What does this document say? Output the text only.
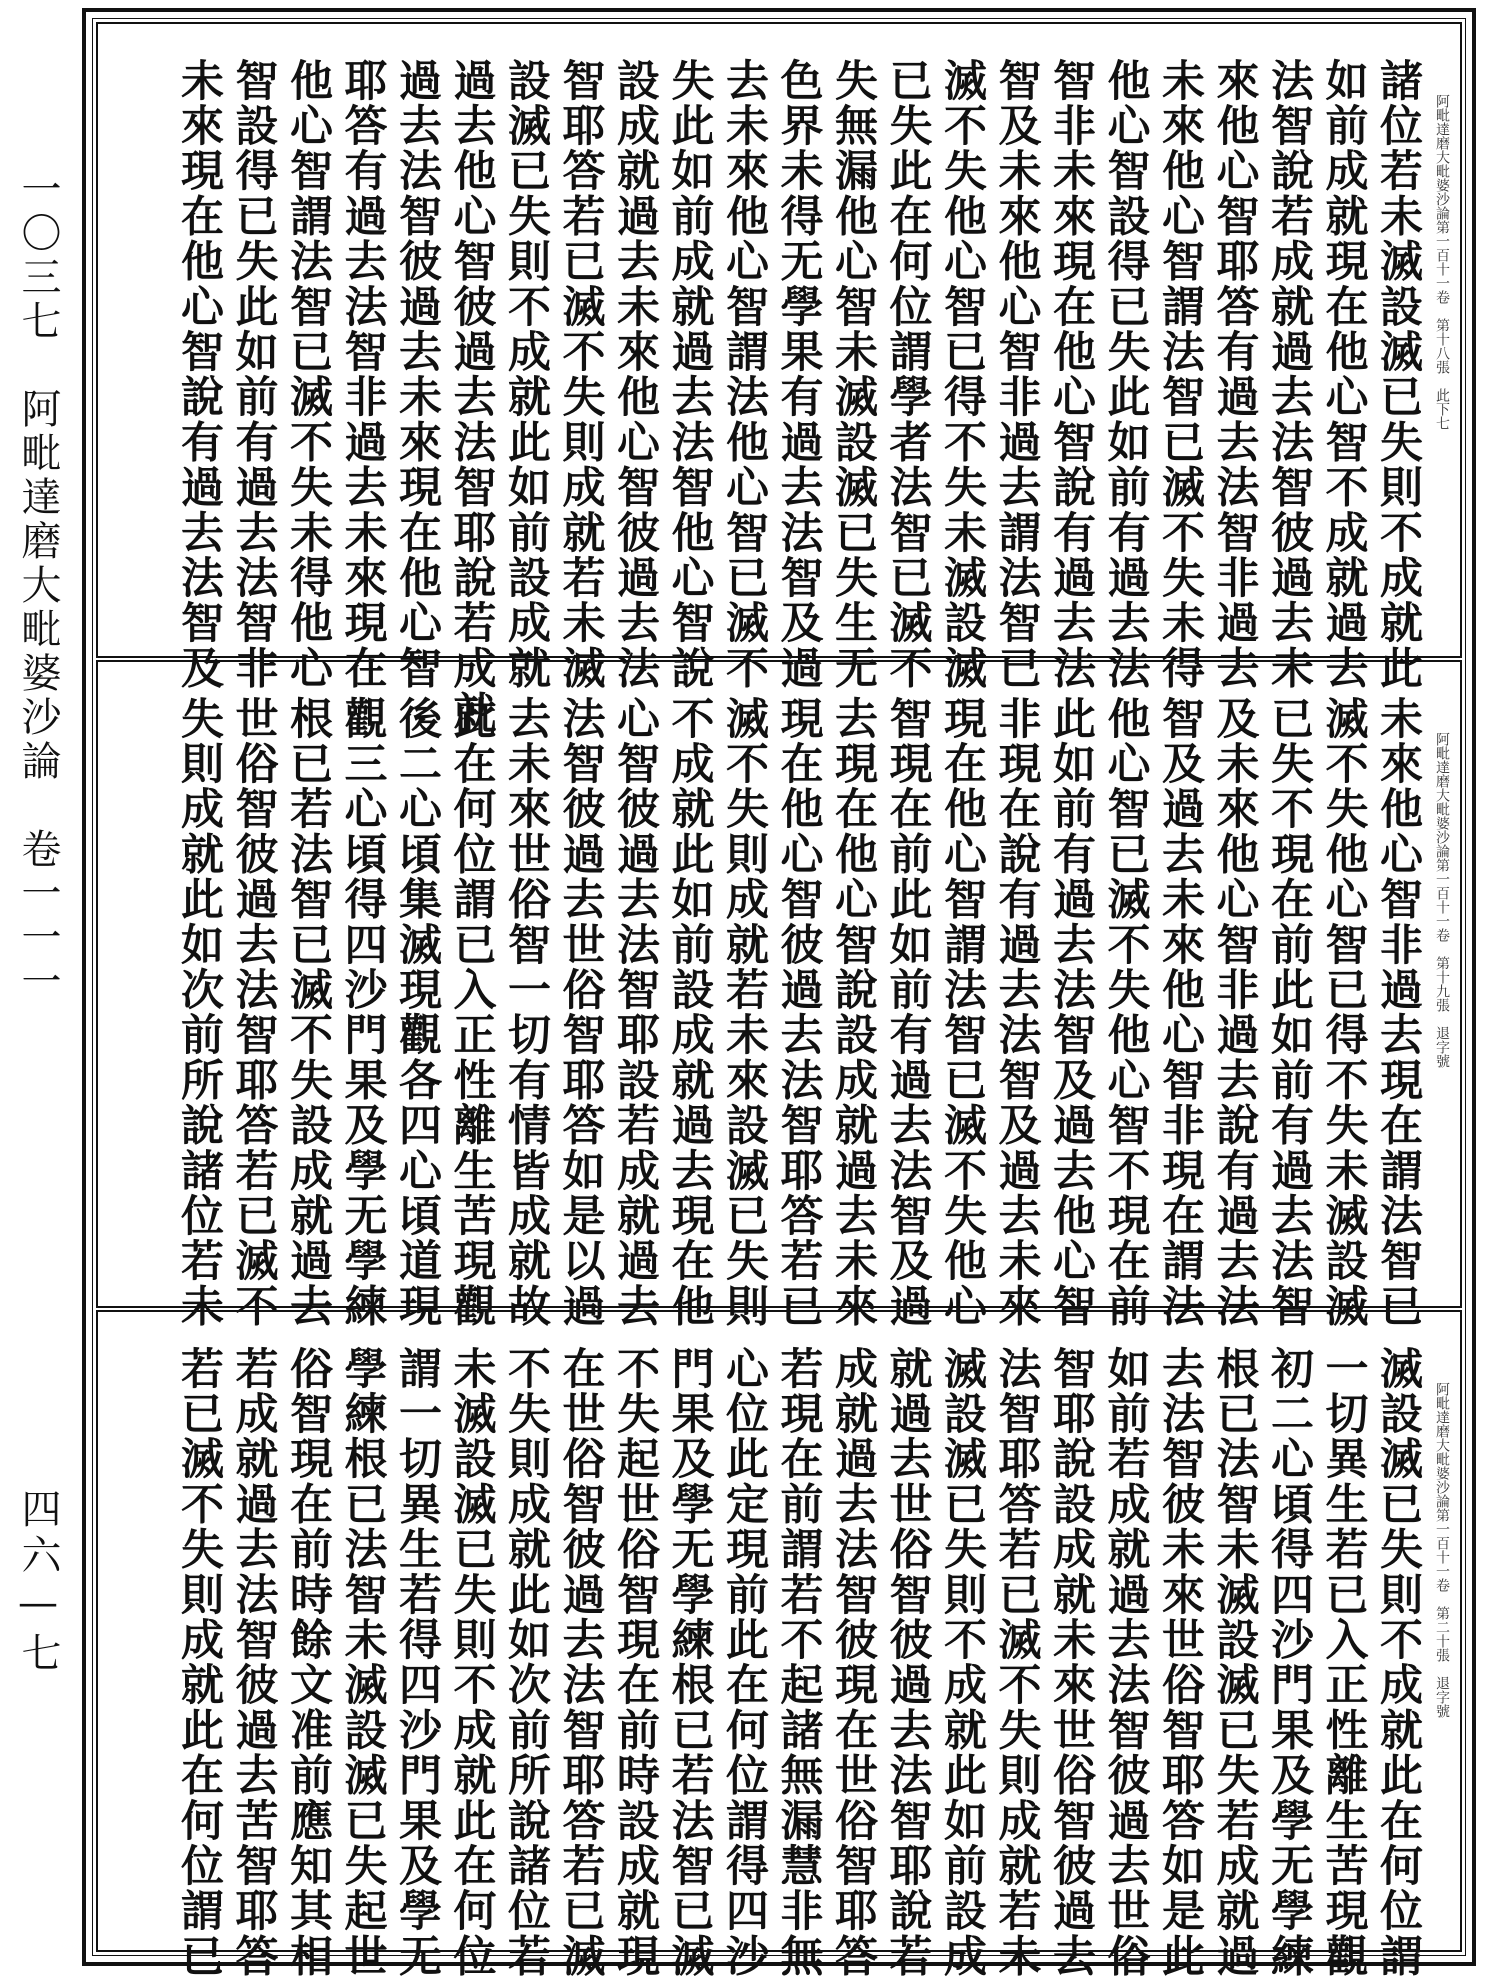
一〇三七　阿毗達磨大毗婆沙論　卷一一一
四六—七
阿毗達磨大毗婆沙論第一百十一卷　第十八張　此下七
諸位若未滅設滅已失則不成就此
如前成就現在他心智不成就過去
法智說若成就過去法智彼過去未
來他心智耶答有過去法智非過去
未來他心智謂法智已滅不失未得
他心智設得已失此如前有過去法
智非未來現在他心智說有過去法
智及未來他心智非過去謂法智已
滅不失他心智已得不失未滅設滅
已失此在何位謂學者法智已滅不
失無漏他心智未滅設滅已失生无
色界未得无學果有過去法智及過
去未來他心智謂法他心智已滅不
失此如前成就過去法智他心智說
設成就過去未來他心智彼過去法
智耶答若已滅不失則成就若未滅
設滅已失則不成就此如前設成就
過去他心智彼過去法智耶說若成就
過去法智彼過去未來現在他心智
耶答有過去法智非過去未來現在
他心智謂法智已滅不失未得他心
智設得已失此如前有過去法智非
未來現在他心智說有過去法智及
阿毗達磨大毗婆沙論第一百十一卷　第十九張　退字號
未來他心智非過去現在謂法智已
滅不失他心智已得不失未滅設滅
已失不現在前此如前有過去法智
及未來他心智非過去說有過去法
智及過去未來他心智非現在謂法
他心智已滅不失他心智不現在前
此如前有過去法智及過去他心智
非現在說有過去法智及過去未來
現在他心智謂法智已滅不失他心
智現在前此如前有過去法智及過
去現在他心智說設成就過去未來
現在他心智彼過去法智耶答若已
滅不失則成就若未來設滅已失則
不成就此如前設成就過去現在他
心智彼過去法智耶設若成就過去
法智彼過去世俗智耶答如是以過
去未來世俗智一切有情皆成就故
此在何位謂已入正性離生苦現觀
後二心頃集滅現觀各四心頃道現
觀三心頃得四沙門果及學无學練
根已若法智已滅不失設成就過去
世俗智彼過去法智耶答若已滅不
失則成就此如次前所說諸位若未
阿毗達磨大毗婆沙論第一百十一卷　第二十張　退字號
滅設滅已失則不成就此在何位謂
一切異生若已入正性離生苦現觀
初二心頃得四沙門果及學无學練
根已法智未滅設滅已失若成就過
去法智彼未來世俗智耶答如是此
如前若成就過去法智彼過去世俗
智耶說設成就未來世俗智彼過去
法智耶答若已滅不失則成就若未
滅設滅已失則不成就此如前設成
就過去世俗智彼過去法智耶說若
成就過去法智彼現在世俗智耶答
若現在前謂若不起諸無漏慧非無
心位此定現前此在何位謂得四沙
門果及學无學練根已若法智已滅
不失起世俗智現在前時設成就現
在世俗智彼過去法智耶答若已滅
不失則成就此如次前所說諸位若
未滅設滅已失則不成就此在何位
謂一切異生若得四沙門果及學无
學練根已法智未滅設滅已失起世
俗智現在前時餘文准前應知其相
若成就過去法智彼過去苦智耶答
若已滅不失則成就此在何位謂已
